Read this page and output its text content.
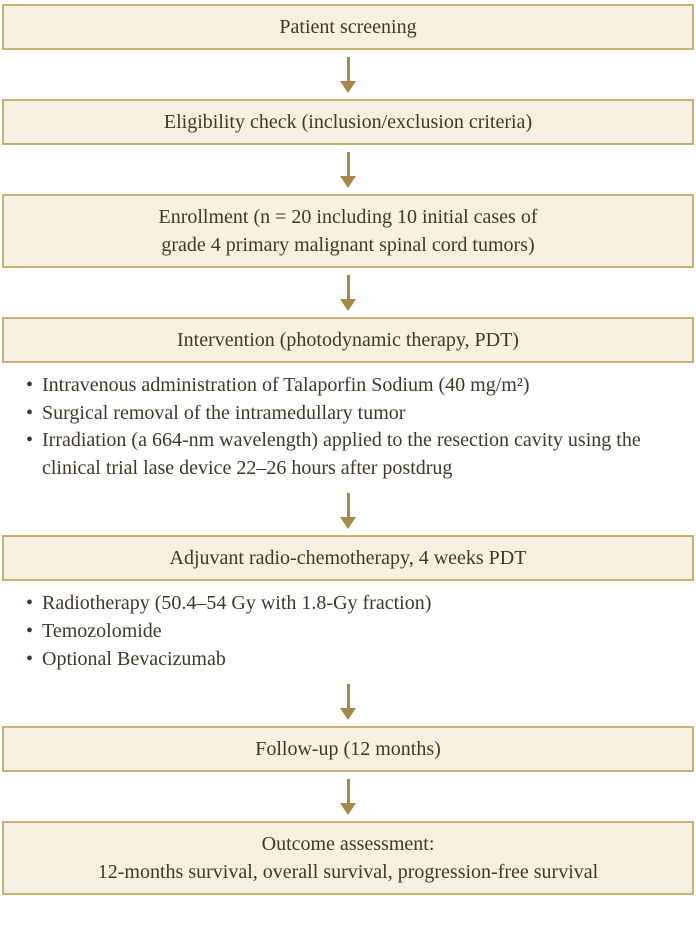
Patient screening
Eligibility check (inclusion/exclusion criteria)
Enrollment (n = 20 including 10 initial cases of
grade 4 primary malignant spinal cord tumors)
Intervention (photodynamic therapy, PDT)
• Intravenous administration of Talaporfin Sodium (40 mg/m²)
• Surgical removal of the intramedullary tumor
• Irradiation (a 664-nm wavelength) applied to the resection cavity using the clinical trial lase device 22–26 hours after postdrug
Adjuvant radio-chemotherapy, 4 weeks PDT
• Radiotherapy (50.4–54 Gy with 1.8-Gy fraction)
• Temozolomide
• Optional Bevacizumab
Follow-up (12 months)
Outcome assessment:
12-months survival, overall survival, progression-free survival
